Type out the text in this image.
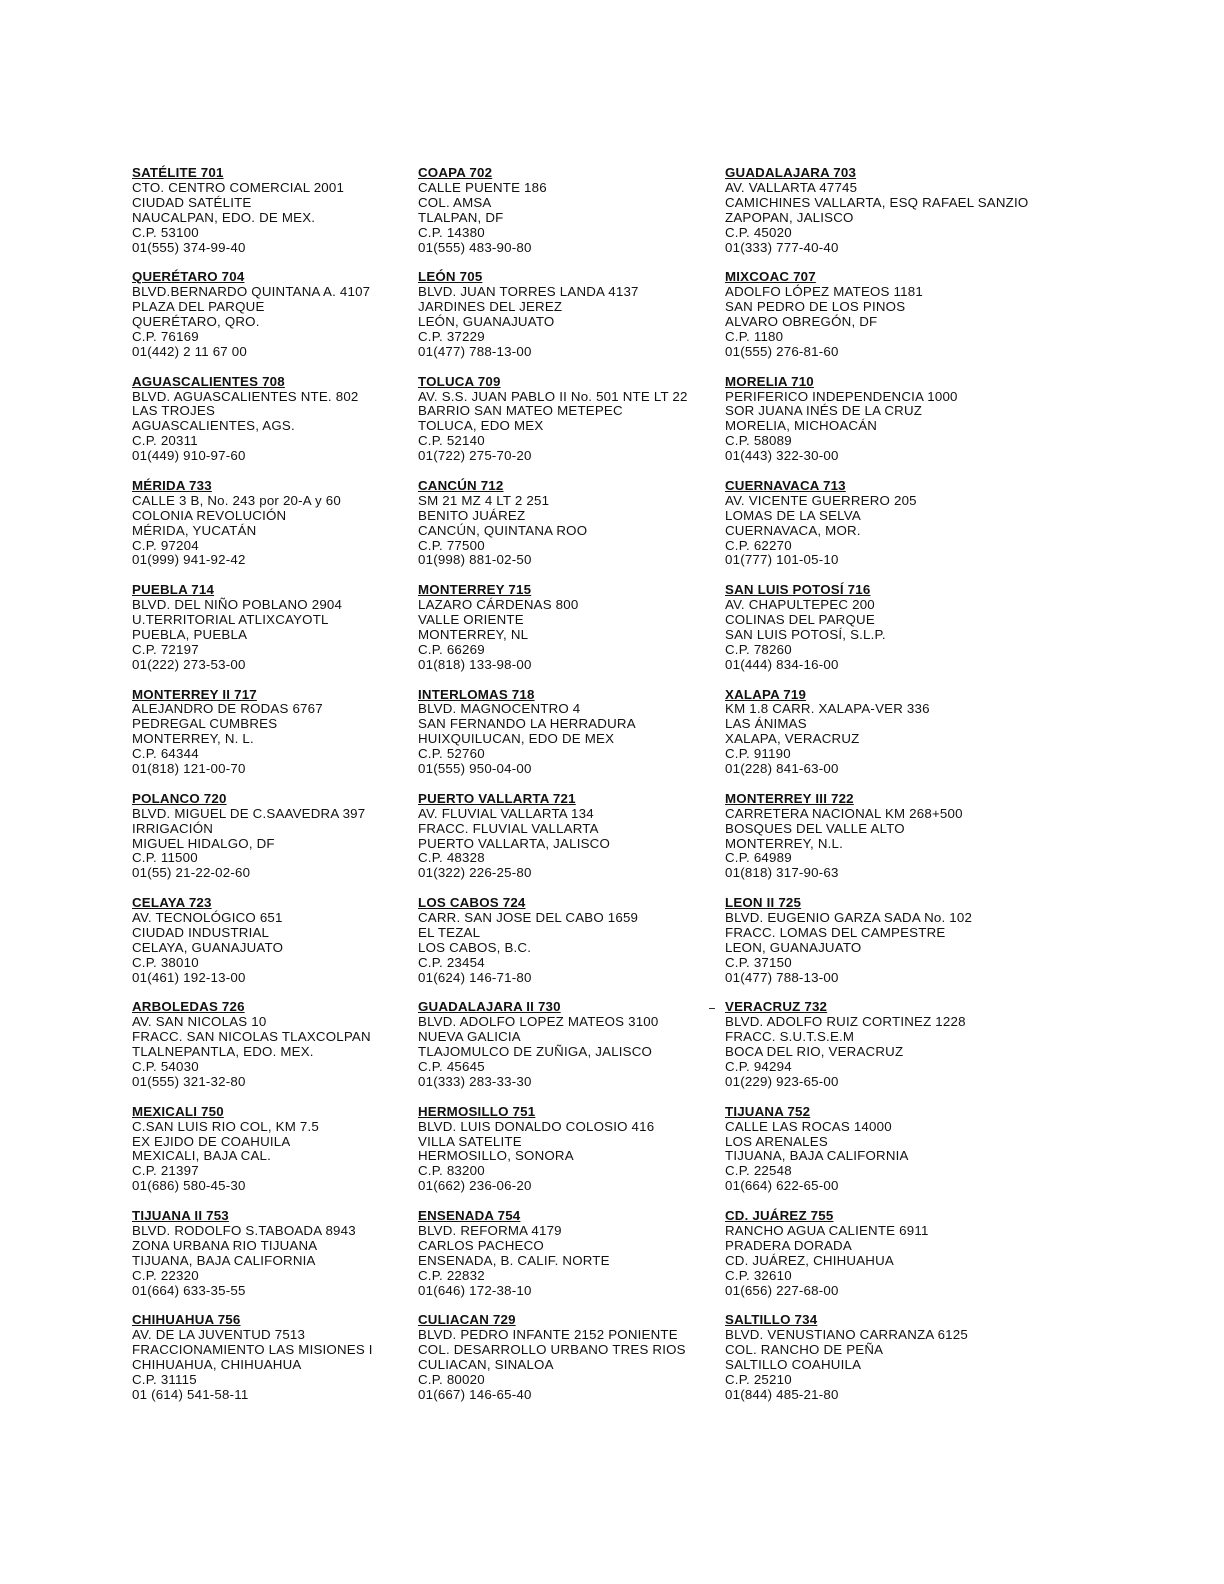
SATÉLITE 701
CTO. CENTRO COMERCIAL 2001
CIUDAD SATÉLITE
NAUCALPAN, EDO. DE MEX.
C.P. 53100
01(555) 374-99-40
COAPA 702
CALLE PUENTE 186
COL. AMSA
TLALPAN, DF
C.P. 14380
01(555) 483-90-80
GUADALAJARA 703
AV. VALLARTA 47745
CAMICHINES VALLARTA, ESQ RAFAEL SANZIO
ZAPOPAN, JALISCO
C.P. 45020
01(333) 777-40-40
QUERÉTARO 704
BLVD.BERNARDO QUINTANA A. 4107
PLAZA DEL PARQUE
QUERÉTARO, QRO.
C.P. 76169
01(442) 2 11 67 00
LEÓN 705
BLVD. JUAN TORRES LANDA 4137
JARDINES DEL JEREZ
LEÓN, GUANAJUATO
C.P. 37229
01(477) 788-13-00
MIXCOAC 707
ADOLFO LÓPEZ MATEOS 1181
SAN PEDRO DE LOS PINOS
ALVARO OBREGÓN, DF
C.P. 1180
01(555) 276-81-60
AGUASCALIENTES 708
BLVD. AGUASCALIENTES NTE. 802
LAS TROJES
AGUASCALIENTES, AGS.
C.P. 20311
01(449) 910-97-60
TOLUCA 709
AV. S.S. JUAN PABLO II No. 501 NTE LT 22
BARRIO SAN MATEO METEPEC
TOLUCA, EDO MEX
C.P. 52140
01(722) 275-70-20
MORELIA 710
PERIFERICO INDEPENDENCIA 1000
SOR JUANA INÉS DE LA CRUZ
MORELIA, MICHOACÁN
C.P. 58089
01(443) 322-30-00
MÉRIDA 733
CALLE 3 B, No. 243 por 20-A y 60
COLONIA REVOLUCIÓN
MÉRIDA, YUCATÁN
C.P. 97204
01(999) 941-92-42
CANCÚN 712
SM 21 MZ 4 LT 2 251
BENITO JUÁREZ
CANCÚN, QUINTANA ROO
C.P. 77500
01(998) 881-02-50
CUERNAVACA 713
AV. VICENTE GUERRERO 205
LOMAS DE LA SELVA
CUERNAVACA, MOR.
C.P. 62270
01(777) 101-05-10
PUEBLA 714
BLVD. DEL NIÑO POBLANO 2904
U.TERRITORIAL ATLIXCAYOTL
PUEBLA, PUEBLA
C.P. 72197
01(222) 273-53-00
MONTERREY 715
LAZARO CÁRDENAS 800
VALLE ORIENTE
MONTERREY, NL
C.P. 66269
01(818) 133-98-00
SAN LUIS POTOSÍ 716
AV. CHAPULTEPEC 200
COLINAS DEL PARQUE
SAN LUIS POTOSÍ, S.L.P.
C.P. 78260
01(444) 834-16-00
MONTERREY II 717
ALEJANDRO DE RODAS 6767
PEDREGAL CUMBRES
MONTERREY, N. L.
C.P. 64344
01(818) 121-00-70
INTERLOMAS 718
BLVD. MAGNOCENTRO 4
SAN FERNANDO LA HERRADURA
HUIXQUILUCAN, EDO DE MEX
C.P. 52760
01(555) 950-04-00
XALAPA 719
KM 1.8 CARR. XALAPA-VER 336
LAS ÁNIMAS
XALAPA, VERACRUZ
C.P. 91190
01(228) 841-63-00
POLANCO 720
BLVD. MIGUEL DE C.SAAVEDRA 397
IRRIGACIÓN
MIGUEL HIDALGO, DF
C.P. 11500
01(55) 21-22-02-60
PUERTO VALLARTA 721
AV. FLUVIAL VALLARTA 134
FRACC. FLUVIAL VALLARTA
PUERTO VALLARTA, JALISCO
C.P. 48328
01(322) 226-25-80
MONTERREY III 722
CARRETERA NACIONAL KM 268+500
BOSQUES DEL VALLE ALTO
MONTERREY, N.L.
C.P. 64989
01(818) 317-90-63
CELAYA 723
AV. TECNOLÓGICO 651
CIUDAD INDUSTRIAL
CELAYA, GUANAJUATO
C.P. 38010
01(461) 192-13-00
LOS CABOS 724
CARR. SAN JOSE DEL CABO 1659
EL TEZAL
LOS CABOS, B.C.
C.P. 23454
01(624) 146-71-80
LEON II 725
BLVD. EUGENIO GARZA SADA No. 102
FRACC. LOMAS DEL CAMPESTRE
LEON, GUANAJUATO
C.P. 37150
01(477) 788-13-00
ARBOLEDAS 726
AV. SAN NICOLAS 10
FRACC. SAN NICOLAS TLAXCOLPAN
TLALNEPANTLA, EDO. MEX.
C.P. 54030
01(555) 321-32-80
GUADALAJARA II 730
BLVD. ADOLFO LOPEZ MATEOS 3100
NUEVA GALICIA
TLAJOMULCO DE ZUÑIGA, JALISCO
C.P. 45645
01(333) 283-33-30
VERACRUZ 732
BLVD. ADOLFO RUIZ CORTINEZ 1228
FRACC. S.U.T.S.E.M
BOCA DEL RIO, VERACRUZ
C.P. 94294
01(229) 923-65-00
MEXICALI 750
C.SAN LUIS RIO COL, KM 7.5
EX EJIDO DE COAHUILA
MEXICALI, BAJA CAL.
C.P. 21397
01(686) 580-45-30
HERMOSILLO 751
BLVD. LUIS DONALDO COLOSIO 416
VILLA SATELITE
HERMOSILLO, SONORA
C.P. 83200
01(662) 236-06-20
TIJUANA 752
CALLE LAS ROCAS 14000
LOS ARENALES
TIJUANA, BAJA CALIFORNIA
C.P. 22548
01(664) 622-65-00
TIJUANA II 753
BLVD. RODOLFO S.TABOADA 8943
ZONA URBANA RIO TIJUANA
TIJUANA, BAJA CALIFORNIA
C.P. 22320
01(664) 633-35-55
ENSENADA 754
BLVD. REFORMA 4179
CARLOS PACHECO
ENSENADA, B. CALIF. NORTE
C.P. 22832
01(646) 172-38-10
CD. JUÁREZ 755
RANCHO AGUA CALIENTE 6911
PRADERA DORADA
CD. JUÁREZ, CHIHUAHUA
C.P. 32610
01(656) 227-68-00
CHIHUAHUA 756
AV. DE LA JUVENTUD 7513
FRACCIONAMIENTO LAS MISIONES I
CHIHUAHUA, CHIHUAHUA
C.P. 31115
01 (614) 541-58-11
CULIACAN 729
BLVD. PEDRO INFANTE 2152 PONIENTE
COL. DESARROLLO URBANO TRES RIOS
CULIACAN, SINALOA
C.P. 80020
01(667) 146-65-40
SALTILLO 734
BLVD. VENUSTIANO CARRANZA 6125
COL. RANCHO DE PEÑA
SALTILLO COAHUILA
C.P. 25210
01(844) 485-21-80
